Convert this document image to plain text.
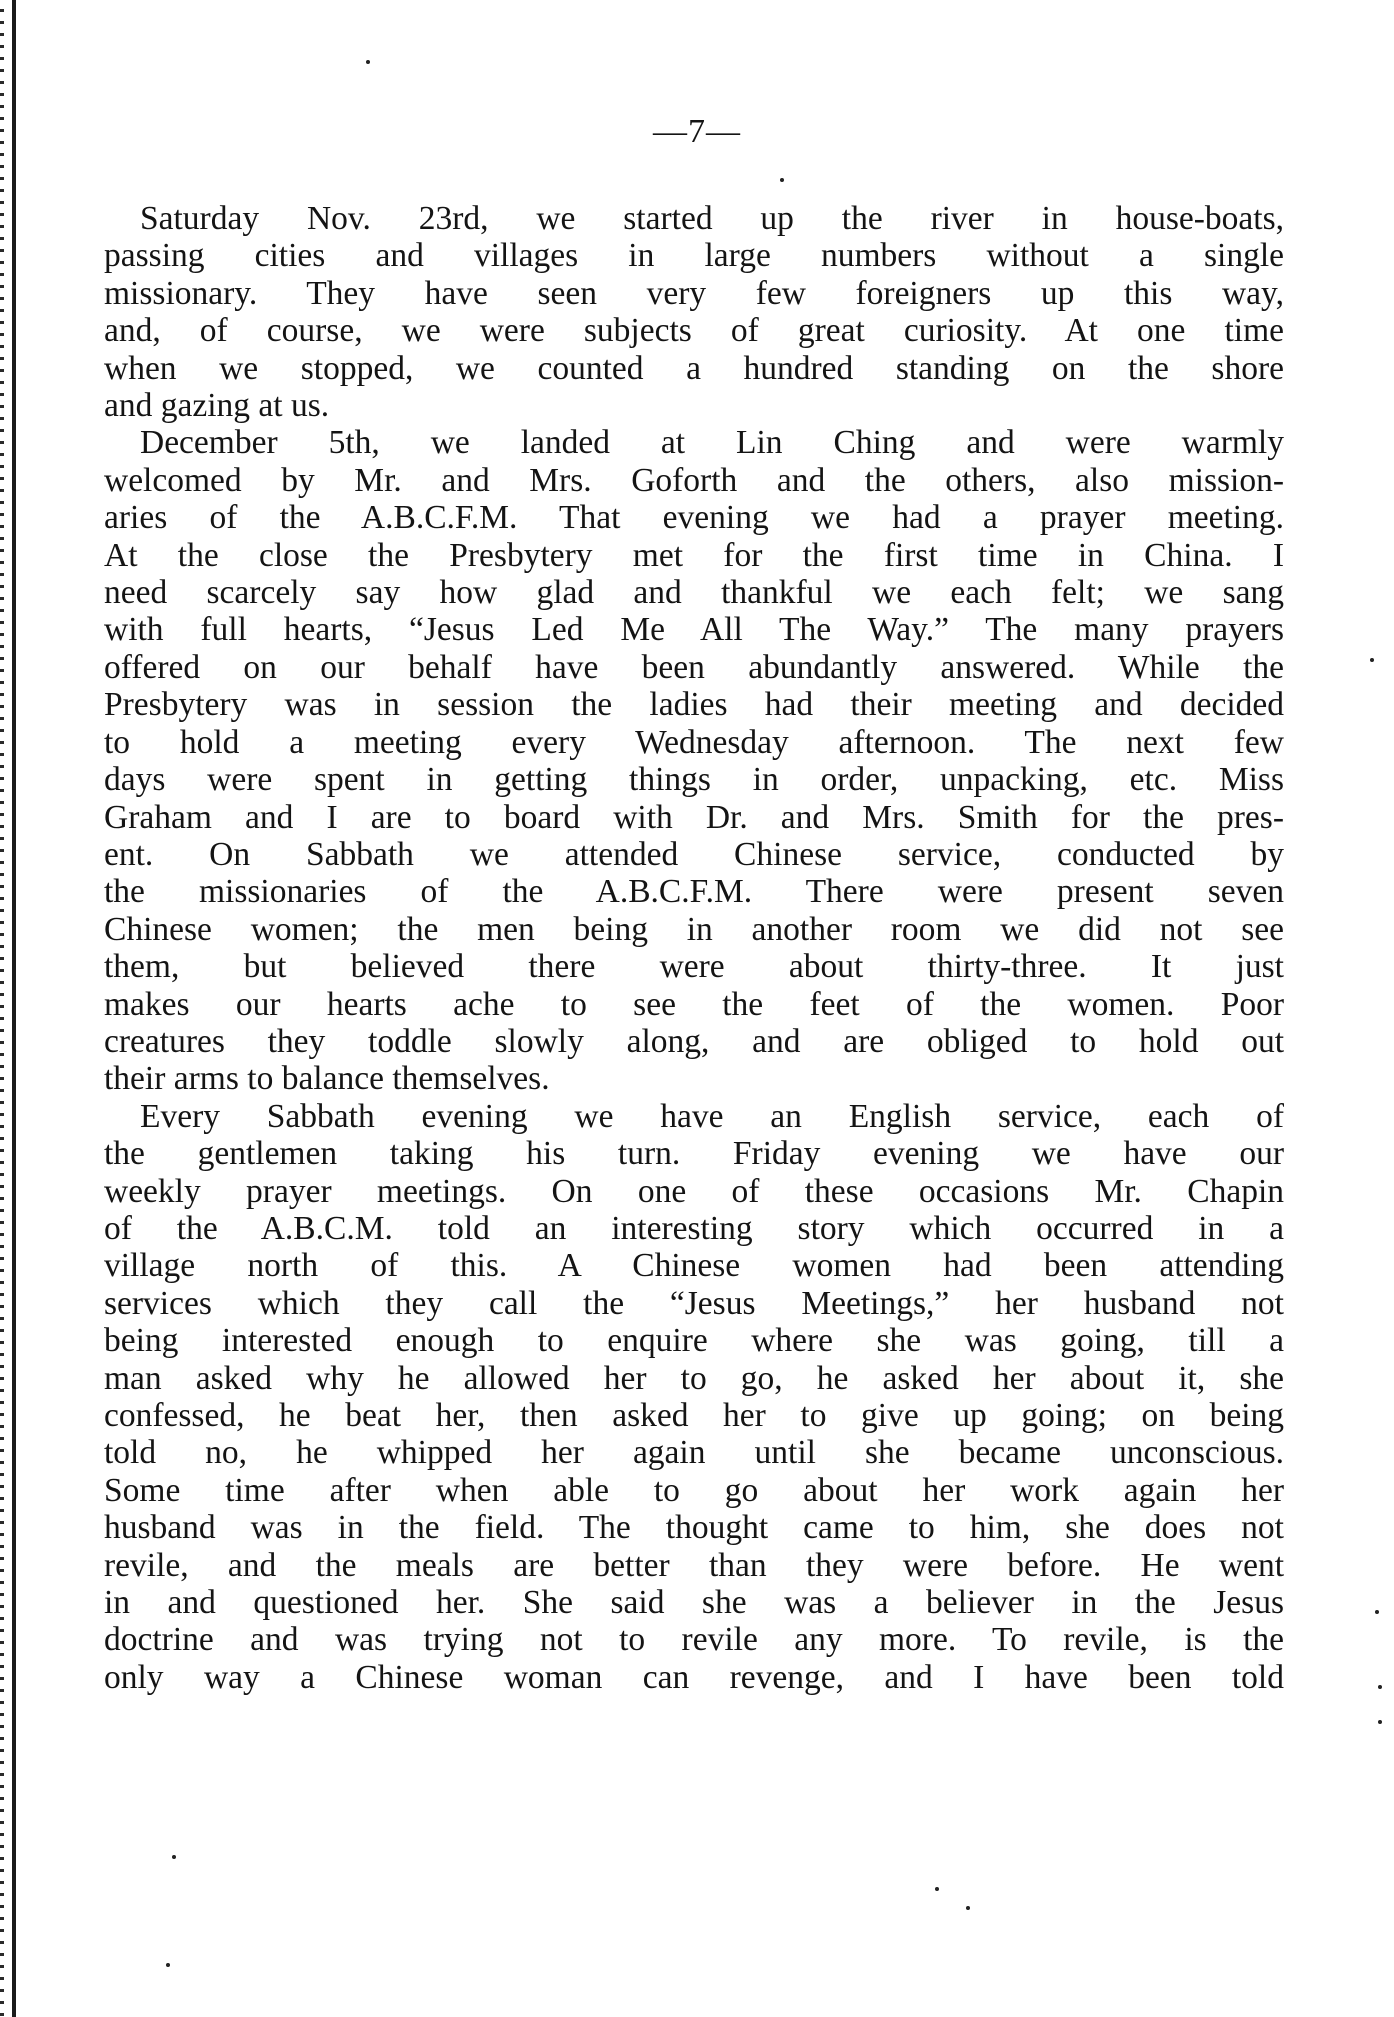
—7—
Saturday Nov. 23rd, we started up the river in house-boats,
passing cities and villages in large numbers without a single
missionary. They have seen very few foreigners up this way,
and, of course, we were subjects of great curiosity. At one time
when we stopped, we counted a hundred standing on the shore
and gazing at us.
December 5th, we landed at Lin Ching and were warmly
welcomed by Mr. and Mrs. Goforth and the others, also mission-
aries of the A.B.C.F.M. That evening we had a prayer meeting.
At the close the Presbytery met for the first time in China. I
need scarcely say how glad and thankful we each felt; we sang
with full hearts, “Jesus Led Me All The Way.” The many prayers
offered on our behalf have been abundantly answered. While the
Presbytery was in session the ladies had their meeting and decided
to hold a meeting every Wednesday afternoon. The next few
days were spent in getting things in order, unpacking, etc. Miss
Graham and I are to board with Dr. and Mrs. Smith for the pres-
ent. On Sabbath we attended Chinese service, conducted by
the missionaries of the A.B.C.F.M. There were present seven
Chinese women; the men being in another room we did not see
them, but believed there were about thirty-three. It just
makes our hearts ache to see the feet of the women. Poor
creatures they toddle slowly along, and are obliged to hold out
their arms to balance themselves.
Every Sabbath evening we have an English service, each of
the gentlemen taking his turn. Friday evening we have our
weekly prayer meetings. On one of these occasions Mr. Chapin
of the A.B.C.M. told an interesting story which occurred in a
village north of this. A Chinese women had been attending
services which they call the “Jesus Meetings,” her husband not
being interested enough to enquire where she was going, till a
man asked why he allowed her to go, he asked her about it, she
confessed, he beat her, then asked her to give up going; on being
told no, he whipped her again until she became unconscious.
Some time after when able to go about her work again her
husband was in the field. The thought came to him, she does not
revile, and the meals are better than they were before. He went
in and questioned her. She said she was a believer in the Jesus
doctrine and was trying not to revile any more. To revile, is the
only way a Chinese woman can revenge, and I have been told
